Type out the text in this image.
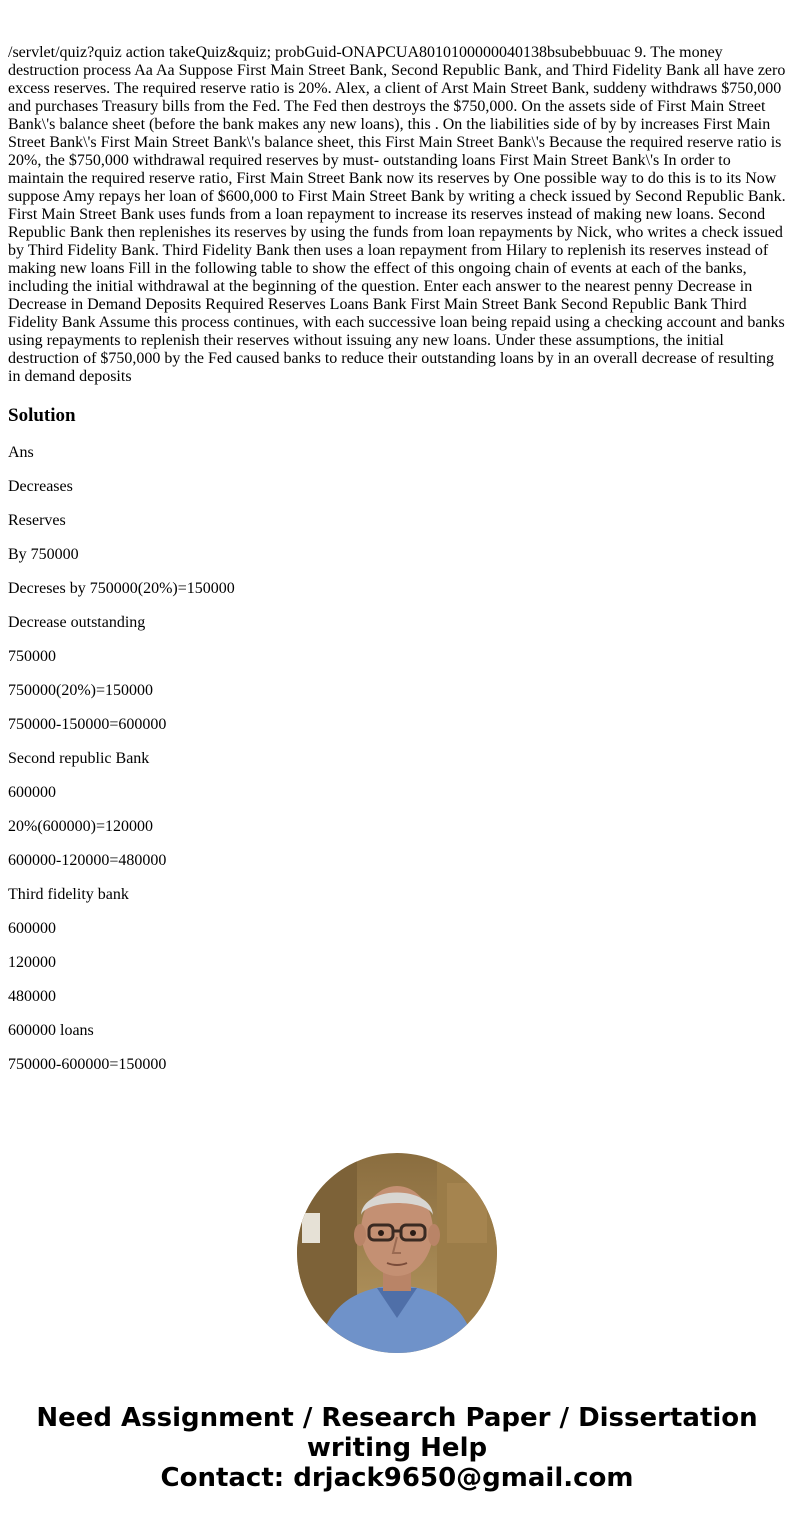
/servlet/quiz?quiz action takeQuiz&quiz; probGuid-ONAPCUA8010100000040138bsubebbuuac 9. The money destruction process Aa Aa Suppose First Main Street Bank, Second Republic Bank, and Third Fidelity Bank all have zero excess reserves. The required reserve ratio is 20%. Alex, a client of Arst Main Street Bank, suddeny withdraws $750,000 and purchases Treasury bills from the Fed. The Fed then destroys the $750,000. On the assets side of First Main Street Bank\'s balance sheet (before the bank makes any new loans), this . On the liabilities side of by by increases First Main Street Bank\'s First Main Street Bank\'s balance sheet, this First Main Street Bank\'s Because the required reserve ratio is 20%, the $750,000 withdrawal required reserves by must- outstanding loans First Main Street Bank\'s In order to maintain the required reserve ratio, First Main Street Bank now its reserves by One possible way to do this is to its Now suppose Amy repays her loan of $600,000 to First Main Street Bank by writing a check issued by Second Republic Bank. First Main Street Bank uses funds from a loan repayment to increase its reserves instead of making new loans. Second Republic Bank then replenishes its reserves by using the funds from loan repayments by Nick, who writes a check issued by Third Fidelity Bank. Third Fidelity Bank then uses a loan repayment from Hilary to replenish its reserves instead of making new loans Fill in the following table to show the effect of this ongoing chain of events at each of the banks, including the initial withdrawal at the beginning of the question. Enter each answer to the nearest penny Decrease in Decrease in Demand Deposits Required Reserves Loans Bank First Main Street Bank Second Republic Bank Third Fidelity Bank Assume this process continues, with each successive loan being repaid using a checking account and banks using repayments to replenish their reserves without issuing any new loans. Under these assumptions, the initial destruction of $750,000 by the Fed caused banks to reduce their outstanding loans by in an overall decrease of resulting in demand deposits

Solution

Ans

Decreases

Reserves

By 750000

Decreses by 750000(20%)=150000

Decrease outstanding

750000

750000(20%)=150000

750000-150000=600000

Second republic Bank

600000

20%(600000)=120000

600000-120000=480000

Third fidelity bank

600000

120000

480000

600000 loans

750000-600000=150000

Need Assignment / Research Paper / Dissertation
writing Help
Contact: drjack9650@gmail.com
